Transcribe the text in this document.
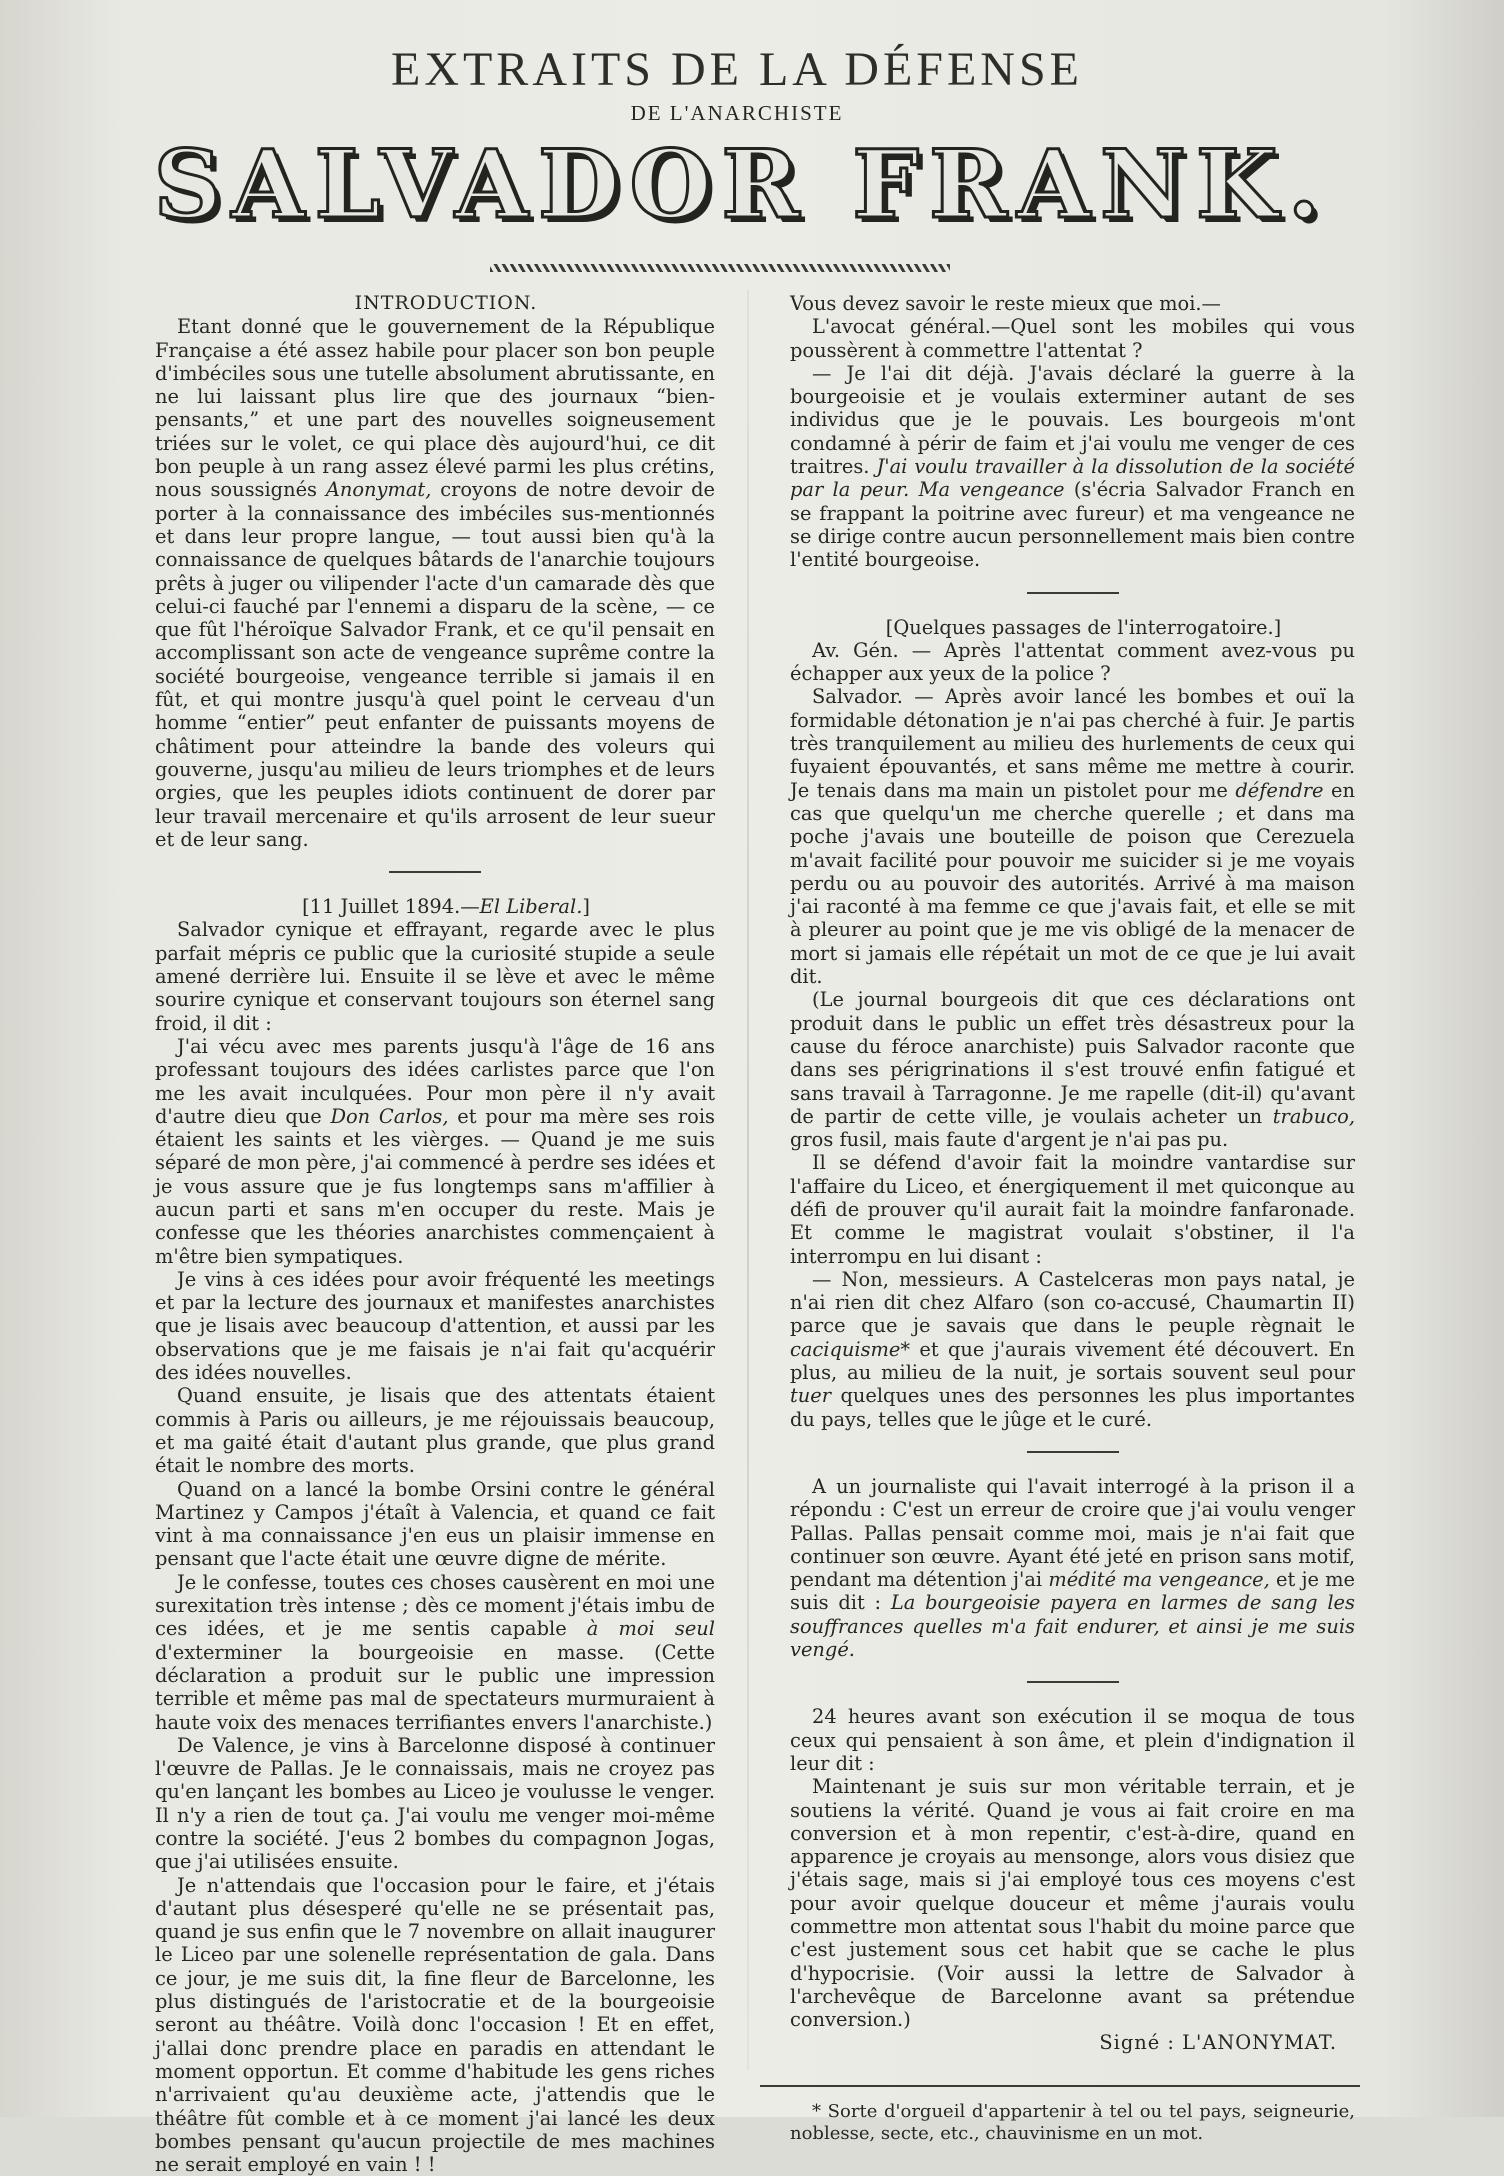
EXTRAITS DE LA DÉFENSE
DE L'ANARCHISTE
SALVADOR FRANK.

INTRODUCTION.

Etant donné que le gouvernement de la République Française a été assez habile pour placer son bon peuple d'imbéciles sous une tutelle absolument abrutissante, en ne lui laissant plus lire que des journaux “bien-pensants,” et une part des nouvelles soigneusement triées sur le volet, ce qui place dès aujourd'hui, ce dit bon peuple à un rang assez élevé parmi les plus crétins, nous soussignés Anonymat, croyons de notre devoir de porter à la connaissance des imbéciles sus-mentionnés et dans leur propre langue, — tout aussi bien qu'à la connaissance de quelques bâtards de l'anarchie toujours prêts à juger ou vilipender l'acte d'un camarade dès que celui-ci fauché par l'ennemi a disparu de la scène, — ce que fût l'héroïque Salvador Frank, et ce qu'il pensait en accomplissant son acte de vengeance suprême contre la société bourgeoise, vengeance terrible si jamais il en fût, et qui montre jusqu'à quel point le cerveau d'un homme “entier” peut enfanter de puissants moyens de châtiment pour atteindre la bande des voleurs qui gouverne, jusqu'au milieu de leurs triomphes et de leurs orgies, que les peuples idiots continuent de dorer par leur travail mercenaire et qu'ils arrosent de leur sueur et de leur sang.

[11 Juillet 1894.—El Liberal.]

Salvador cynique et effrayant, regarde avec le plus parfait mépris ce public que la curiosité stupide a seule amené derrière lui. Ensuite il se lève et avec le même sourire cynique et conservant toujours son éternel sang froid, il dit :

J'ai vécu avec mes parents jusqu'à l'âge de 16 ans professant toujours des idées carlistes parce que l'on me les avait inculquées. Pour mon père il n'y avait d'autre dieu que Don Carlos, et pour ma mère ses rois étaient les saints et les vièrges. — Quand je me suis séparé de mon père, j'ai commencé à perdre ses idées et je vous assure que je fus longtemps sans m'affilier à aucun parti et sans m'en occuper du reste. Mais je confesse que les théories anarchistes commençaient à m'être bien sympatiques.

Je vins à ces idées pour avoir fréquenté les meetings et par la lecture des journaux et manifestes anarchistes que je lisais avec beaucoup d'attention, et aussi par les observations que je me faisais je n'ai fait qu'acquérir des idées nouvelles.

Quand ensuite, je lisais que des attentats étaient commis à Paris ou ailleurs, je me réjouissais beaucoup, et ma gaité était d'autant plus grande, que plus grand était le nombre des morts.

Quand on a lancé la bombe Orsini contre le général Martinez y Campos j'étaît à Valencia, et quand ce fait vint à ma connaissance j'en eus un plaisir immense en pensant que l'acte était une œuvre digne de mérite.

Je le confesse, toutes ces choses causèrent en moi une surexitation très intense ; dès ce moment j'étais imbu de ces idées, et je me sentis capable à moi seul d'exterminer la bourgeoisie en masse. (Cette déclaration a produit sur le public une impression terrible et même pas mal de spectateurs murmuraient à haute voix des menaces terrifiantes envers l'anarchiste.)

De Valence, je vins à Barcelonne disposé à continuer l'œuvre de Pallas. Je le connaissais, mais ne croyez pas qu'en lançant les bombes au Liceo je voulusse le venger. Il n'y a rien de tout ça. J'ai voulu me venger moi-même contre la société. J'eus 2 bombes du compagnon Jogas, que j'ai utilisées ensuite.

Je n'attendais que l'occasion pour le faire, et j'étais d'autant plus désesperé qu'elle ne se présentait pas, quand je sus enfin que le 7 novembre on allait inaugurer le Liceo par une solenelle représentation de gala. Dans ce jour, je me suis dit, la fine fleur de Barcelonne, les plus distingués de l'aristocratie et de la bourgeoisie seront au théâtre. Voilà donc l'occasion ! Et en effet, j'allai donc prendre place en paradis en attendant le moment opportun. Et comme d'habitude les gens riches n'arrivaient qu'au deuxième acte, j'attendis que le théâtre fût comble et à ce moment j'ai lancé les deux bombes pensant qu'aucun projectile de mes machines ne serait employé en vain ! !

Vous devez savoir le reste mieux que moi.—

L'avocat général.—Quel sont les mobiles qui vous poussèrent à commettre l'attentat ?

— Je l'ai dit déjà. J'avais déclaré la guerre à la bourgeoisie et je voulais exterminer autant de ses individus que je le pouvais. Les bourgeois m'ont condamné à périr de faim et j'ai voulu me venger de ces traitres. J'ai voulu travailler à la dissolution de la société par la peur. Ma vengeance (s'écria Salvador Franch en se frappant la poitrine avec fureur) et ma vengeance ne se dirige contre aucun personnellement mais bien contre l'entité bourgeoise.

[Quelques passages de l'interrogatoire.]

Av. Gén. — Après l'attentat comment avez-vous pu échapper aux yeux de la police ?

Salvador. — Après avoir lancé les bombes et ouï la formidable détonation je n'ai pas cherché à fuir. Je partis très tranquilement au milieu des hurlements de ceux qui fuyaient épouvantés, et sans même me mettre à courir. Je tenais dans ma main un pistolet pour me défendre en cas que quelqu'un me cherche querelle ; et dans ma poche j'avais une bouteille de poison que Cerezuela m'avait facilité pour pouvoir me suicider si je me voyais perdu ou au pouvoir des autorités. Arrivé à ma maison j'ai raconté à ma femme ce que j'avais fait, et elle se mit à pleurer au point que je me vis obligé de la menacer de mort si jamais elle répétait un mot de ce que je lui avait dit.

(Le journal bourgeois dit que ces déclarations ont produit dans le public un effet très désastreux pour la cause du féroce anarchiste) puis Salvador raconte que dans ses périgrinations il s'est trouvé enfin fatigué et sans travail à Tarragonne. Je me rapelle (dit-il) qu'avant de partir de cette ville, je voulais acheter un trabuco, gros fusil, mais faute d'argent je n'ai pas pu.

Il se défend d'avoir fait la moindre vantardise sur l'affaire du Liceo, et énergiquement il met quiconque au défi de prouver qu'il aurait fait la moindre fanfaronade. Et comme le magistrat voulait s'obstiner, il l'a interrompu en lui disant :

— Non, messieurs. A Castelceras mon pays natal, je n'ai rien dit chez Alfaro (son co-accusé, Chaumartin II) parce que je savais que dans le peuple règnait le caciquisme* et que j'aurais vivement été découvert. En plus, au milieu de la nuit, je sortais souvent seul pour tuer quelques unes des personnes les plus importantes du pays, telles que le jûge et le curé.

A un journaliste qui l'avait interrogé à la prison il a répondu : C'est un erreur de croire que j'ai voulu venger Pallas. Pallas pensait comme moi, mais je n'ai fait que continuer son œuvre. Ayant été jeté en prison sans motif, pendant ma détention j'ai médité ma vengeance, et je me suis dit : La bourgeoisie payera en larmes de sang les souffrances quelles m'a fait endurer, et ainsi je me suis vengé.

24 heures avant son exécution il se moqua de tous ceux qui pensaient à son âme, et plein d'indignation il leur dit :

Maintenant je suis sur mon véritable terrain, et je soutiens la vérité. Quand je vous ai fait croire en ma conversion et à mon repentir, c'est-à-dire, quand en apparence je croyais au mensonge, alors vous disiez que j'étais sage, mais si j'ai employé tous ces moyens c'est pour avoir quelque douceur et même j'aurais voulu commettre mon attentat sous l'habit du moine parce que c'est justement sous cet habit que se cache le plus d'hypocrisie. (Voir aussi la lettre de Salvador à l'archevêque de Barcelonne avant sa prétendue conversion.)

Signé : L'ANONYMAT.

* Sorte d'orgueil d'appartenir à tel ou tel pays, seigneurie, noblesse, secte, etc., chauvinisme en un mot.
